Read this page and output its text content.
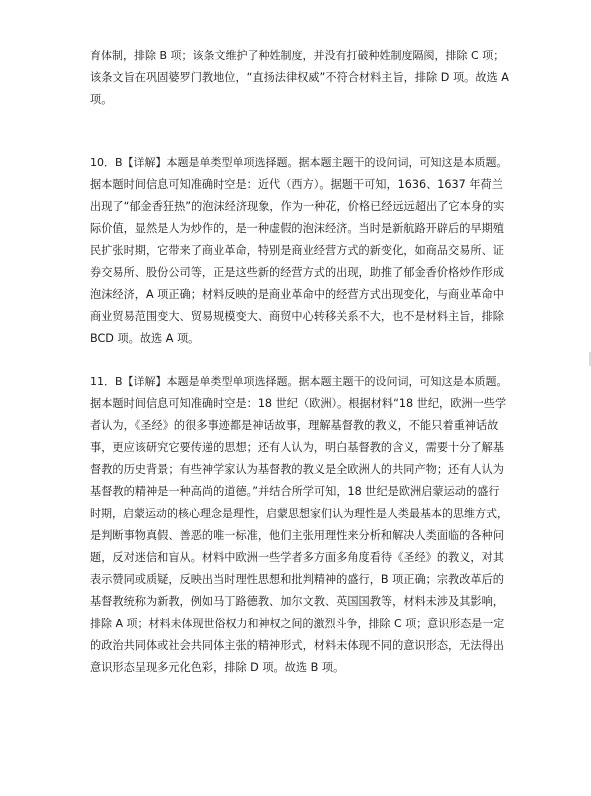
育体制，排除 B 项；该条文维护了种姓制度，并没有打破种姓制度隔阂，排除 C 项；
该条文旨在巩固婆罗门教地位，“直扬法律权威”不符合材料主旨，排除 D 项。故选 A
项。
10．B【详解】本题是单类型单项选择题。据本题主题干的设问词，可知这是本质题。
据本题时间信息可知准确时空是：近代（西方）。据题干可知，1636、1637 年荷兰
出现了“郁金香狂热”的泡沫经济现象，作为一种花，价格已经远远超出了它本身的实
际价值，显然是人为炒作的，是一种虚假的泡沫经济。当时是新航路开辟后的早期殖
民扩张时期，它带来了商业革命，特别是商业经营方式的新变化，如商品交易所、证
券交易所、股份公司等，正是这些新的经营方式的出现，助推了郁金香价格炒作形成
泡沫经济，A 项正确；材料反映的是商业革命中的经营方式出现变化，与商业革命中
商业贸易范围变大、贸易规模变大、商贸中心转移关系不大，也不是材料主旨，排除
BCD 项。故选 A 项。
11．B【详解】本题是单类型单项选择题。据本题主题干的设问词，可知这是本质题。
据本题时间信息可知准确时空是：18 世纪（欧洲）。根据材料“18 世纪，欧洲一些学
者认为，《圣经》的很多事迹都是神话故事，理解基督教的教义，不能只着重神话故
事，更应该研究它要传递的思想；还有人认为，明白基督教的含义，需要十分了解基
督教的历史背景；有些神学家认为基督教的教义是全欧洲人的共同产物；还有人认为
基督教的精神是一种高尚的道德。”并结合所学可知，18 世纪是欧洲启蒙运动的盛行
时期，启蒙运动的核心理念是理性，启蒙思想家们认为理性是人类最基本的思维方式，
是判断事物真假、善恶的唯一标准，他们主张用理性来分析和解决人类面临的各种问
题，反对迷信和盲从。材料中欧洲一些学者多方面多角度看待《圣经》的教义，对其
表示赞同或质疑，反映出当时理性思想和批判精神的盛行，B 项正确；宗教改革后的
基督教统称为新教，例如马丁路德教、加尔文教、英国国教等，材料未涉及其影响，
排除 A 项；材料未体现世俗权力和神权之间的激烈斗争，排除 C 项；意识形态是一定
的政治共同体或社会共同体主张的精神形式，材料未体现不同的意识形态，无法得出
意识形态呈现多元化色彩，排除 D 项。故选 B 项。
